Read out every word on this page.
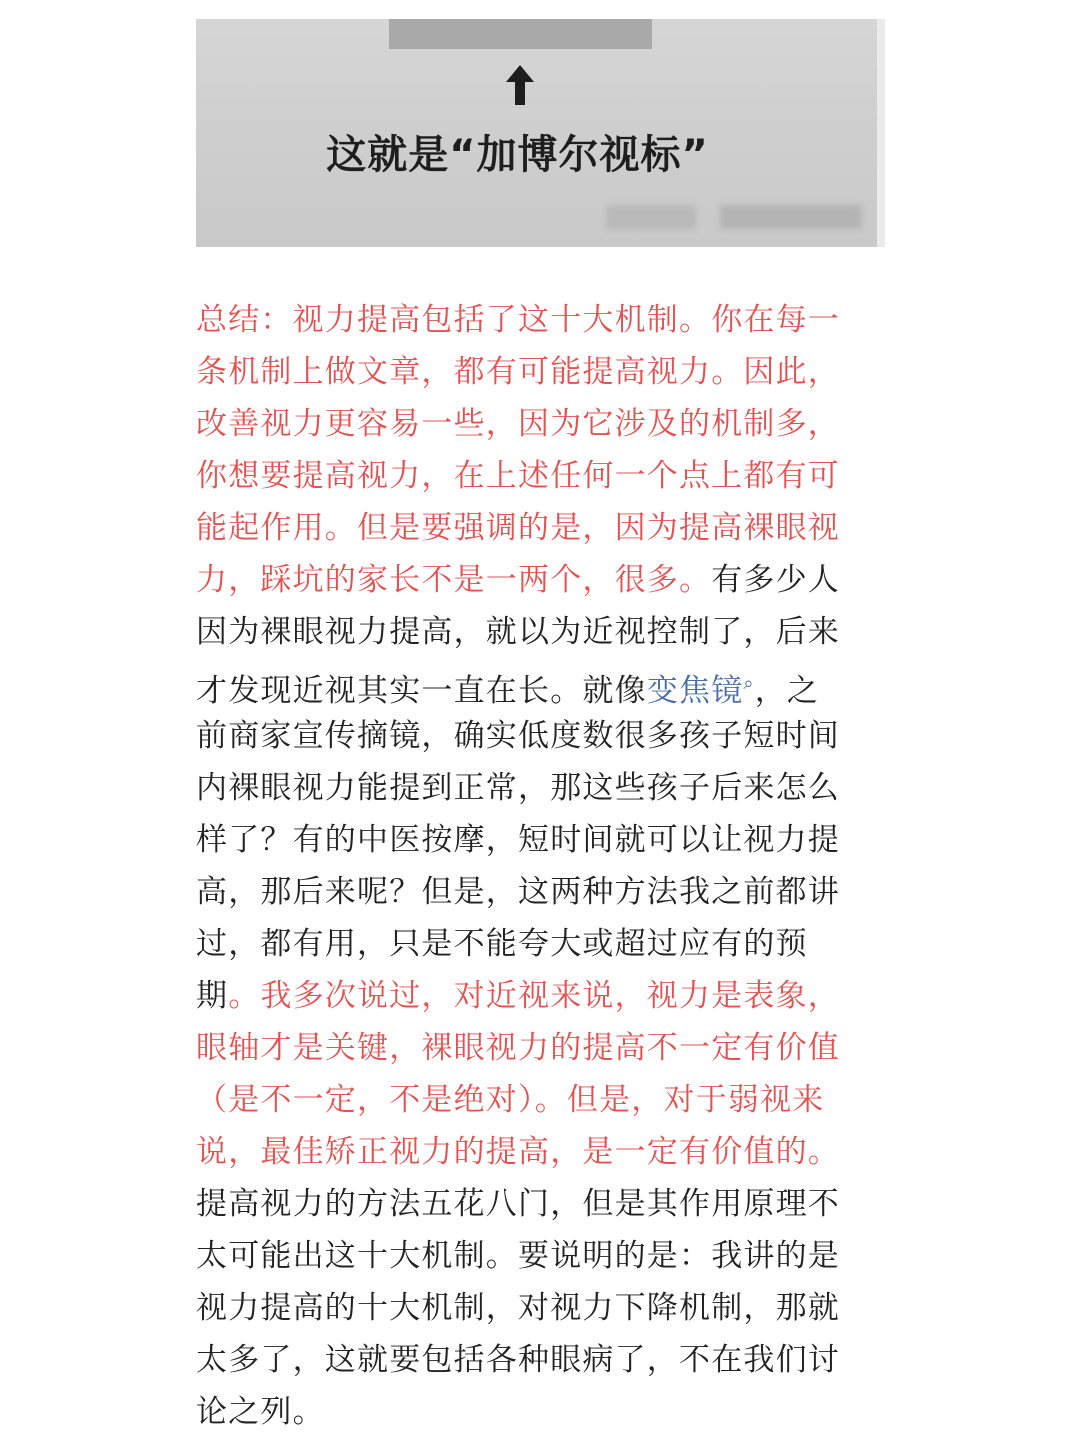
这就是“加博尔视标”
总结：视力提高包括了这十大机制。你在每一
条机制上做文章，都有可能提高视力。因此，
改善视力更容易一些，因为它涉及的机制多，
你想要提高视力，在上述任何一个点上都有可
能起作用。但是要强调的是，因为提高裸眼视
力，踩坑的家长不是一两个，很多。有多少人
因为裸眼视力提高，就以为近视控制了，后来
才发现近视其实一直在长。就像变焦镜⌕，之
前商家宣传摘镜，确实低度数很多孩子短时间
内裸眼视力能提到正常，那这些孩子后来怎么
样了？有的中医按摩，短时间就可以让视力提
高，那后来呢？但是，这两种方法我之前都讲
过，都有用，只是不能夸大或超过应有的预
期。我多次说过，对近视来说，视力是表象，
眼轴才是关键，裸眼视力的提高不一定有价值
（是不一定，不是绝对）。但是，对于弱视来
说，最佳矫正视力的提高，是一定有价值的。
提高视力的方法五花八门，但是其作用原理不
太可能出这十大机制。要说明的是：我讲的是
视力提高的十大机制，对视力下降机制，那就
太多了，这就要包括各种眼病了，不在我们讨
论之列。
